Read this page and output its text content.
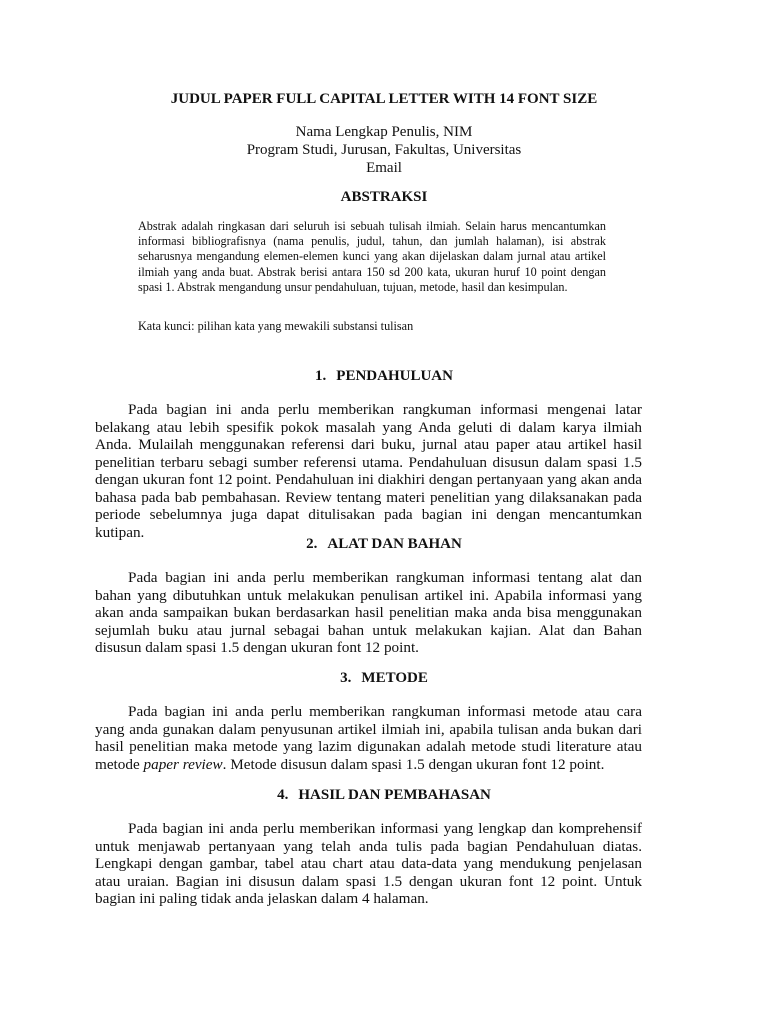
JUDUL PAPER FULL CAPITAL LETTER WITH 14 FONT SIZE
Nama Lengkap Penulis, NIM
Program Studi, Jurusan, Fakultas, Universitas
Email
ABSTRAKSI
Abstrak adalah ringkasan dari seluruh isi sebuah tulisah ilmiah. Selain harus mencantumkan informasi bibliografisnya (nama penulis, judul, tahun, dan jumlah halaman), isi abstrak seharusnya mengandung elemen-elemen kunci yang akan dijelaskan dalam jurnal atau artikel ilmiah yang anda buat. Abstrak berisi antara 150 sd 200 kata, ukuran huruf 10 point dengan spasi 1. Abstrak mengandung unsur pendahuluan, tujuan, metode, hasil dan kesimpulan.
Kata kunci: pilihan kata yang mewakili substansi tulisan
1. PENDAHULUAN
Pada bagian ini anda perlu memberikan rangkuman informasi mengenai latar belakang atau lebih spesifik pokok masalah yang Anda geluti di dalam karya ilmiah Anda. Mulailah menggunakan referensi dari buku, jurnal atau paper atau artikel hasil penelitian terbaru sebagi sumber referensi utama. Pendahuluan disusun dalam spasi 1.5 dengan ukuran font 12 point. Pendahuluan ini diakhiri dengan pertanyaan yang akan anda bahasa pada bab pembahasan. Review tentang materi penelitian yang dilaksanakan pada periode sebelumnya juga dapat ditulisakan pada bagian ini dengan mencantumkan kutipan.
2. ALAT DAN BAHAN
Pada bagian ini anda perlu memberikan rangkuman informasi tentang alat dan bahan yang dibutuhkan untuk melakukan penulisan artikel ini. Apabila informasi yang akan anda sampaikan bukan berdasarkan hasil penelitian maka anda bisa menggunakan sejumlah buku atau jurnal sebagai bahan untuk melakukan kajian. Alat dan Bahan disusun dalam spasi 1.5 dengan ukuran font 12 point.
3. METODE
Pada bagian ini anda perlu memberikan rangkuman informasi metode atau cara yang anda gunakan dalam penyusunan artikel ilmiah ini, apabila tulisan anda bukan dari hasil penelitian maka metode yang lazim digunakan adalah metode studi literature atau metode paper review. Metode disusun dalam spasi 1.5 dengan ukuran font 12 point.
4. HASIL DAN PEMBAHASAN
Pada bagian ini anda perlu memberikan informasi yang lengkap dan komprehensif untuk menjawab pertanyaan yang telah anda tulis pada bagian Pendahuluan diatas. Lengkapi dengan gambar, tabel atau chart atau data-data yang mendukung penjelasan atau uraian. Bagian ini disusun dalam spasi 1.5 dengan ukuran font 12 point. Untuk bagian ini paling tidak anda jelaskan dalam 4 halaman.
